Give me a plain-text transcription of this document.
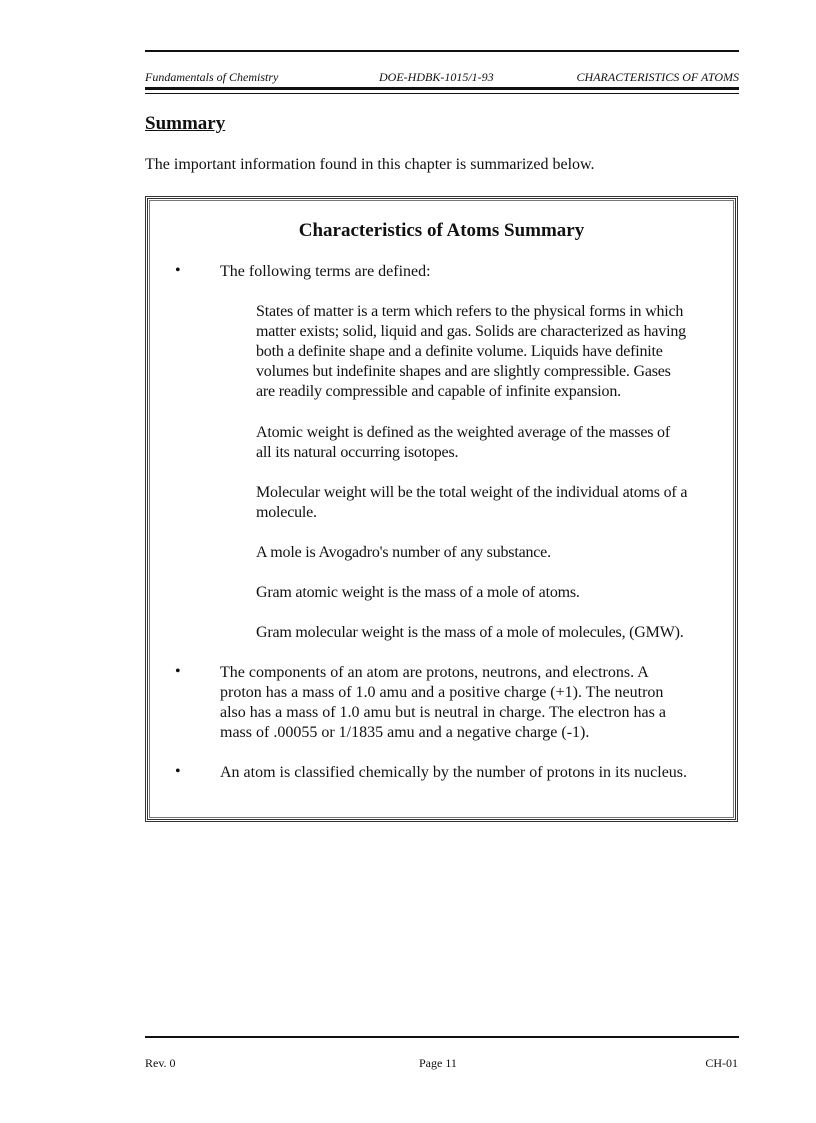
Fundamentals of Chemistry	DOE-HDBK-1015/1-93	CHARACTERISTICS OF ATOMS
Summary
The important information found in this chapter is summarized below.
Characteristics of Atoms Summary
• The following terms are defined:
States of matter is a term which refers to the physical forms in which matter exists; solid, liquid and gas. Solids are characterized as having both a definite shape and a definite volume. Liquids have definite volumes but indefinite shapes and are slightly compressible. Gases are readily compressible and capable of infinite expansion.
Atomic weight is defined as the weighted average of the masses of all its natural occurring isotopes.
Molecular weight will be the total weight of the individual atoms of a molecule.
A mole is Avogadro's number of any substance.
Gram atomic weight is the mass of a mole of atoms.
Gram molecular weight is the mass of a mole of molecules, (GMW).
• The components of an atom are protons, neutrons, and electrons. A proton has a mass of 1.0 amu and a positive charge (+1). The neutron also has a mass of 1.0 amu but is neutral in charge. The electron has a mass of .00055 or 1/1835 amu and a negative charge (-1).
• An atom is classified chemically by the number of protons in its nucleus.
Rev. 0	Page 11	CH-01
